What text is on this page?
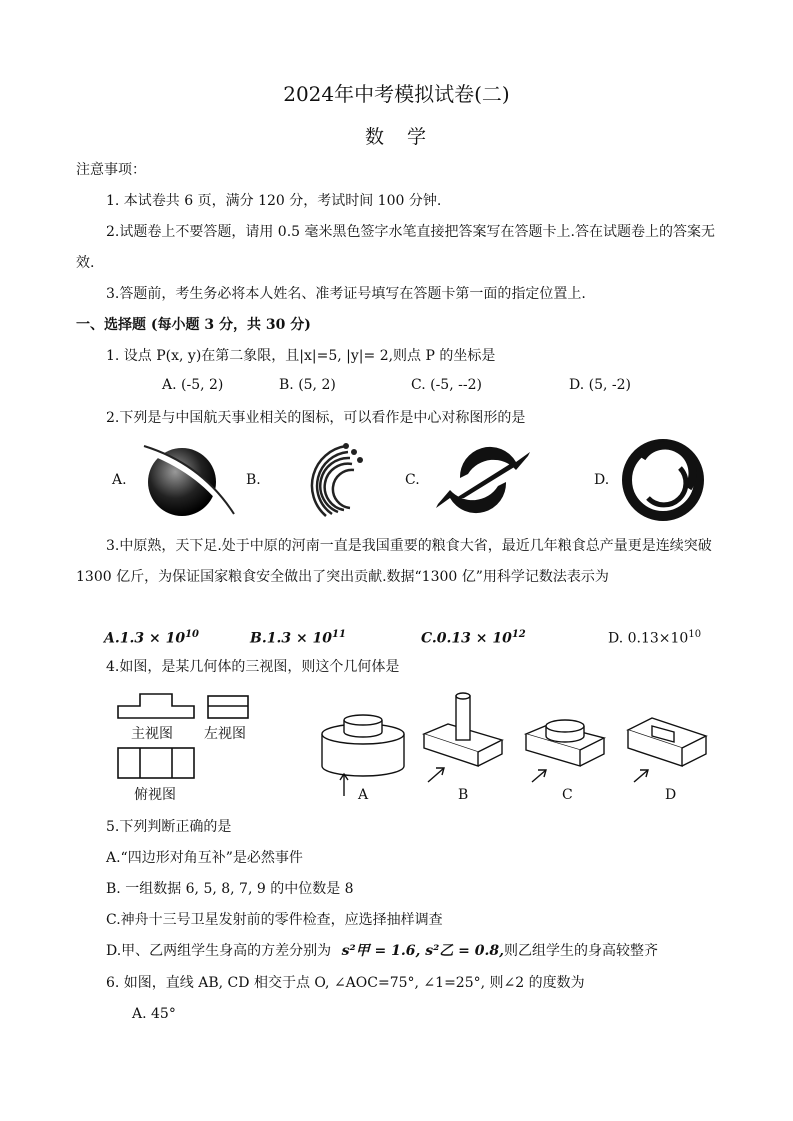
2024年中考模拟试卷(二)
数　学
注意事项：
1. 本试卷共 6 页，满分 120 分，考试时间 100 分钟.
2.试题卷上不要答题，请用 0.5 毫米黑色签字水笔直接把答案写在答题卡上.答在试题卷上的答案无效.
3.答题前，考生务必将本人姓名、准考证号填写在答题卡第一面的指定位置上.
一、选择题 (每小题 3 分，共 30 分)
1. 设点 P(x, y)在第二象限，且|x|=5, |y|= 2,则点 P 的坐标是
A. (-5, 2)	B. (5, 2)	C. (-5, --2)	D. (5, -2)
2.下列是与中国航天事业相关的图标，可以看作是中心对称图形的是
A.	B.	C.	D.
3.中原熟，天下足.处于中原的河南一直是我国重要的粮食大省，最近几年粮食总产量更是连续突破 1300 亿斤，为保证国家粮食安全做出了突出贡献.数据“1300 亿”用科学记数法表示为
$A.1.3 \times 10^{10}$	$B.1.3 \times 10^{11}$	$C.0.13 \times 10^{12}$	D. $0.13\times 10^{10}$
4.如图，是某几何体的三视图，则这个几何体是
主视图 左视图
俯视图	A	B	C	D
5.下列判断正确的是
A.“四边形对角互补”是必然事件
B. 一组数据 6, 5, 8, 7, 9 的中位数是 8
C.神舟十三号卫星发射前的零件检查，应选择抽样调查
D.甲、乙两组学生身高的方差分别为 s²甲 = 1.6, s²乙 = 0.8,则乙组学生的身高较整齐
6. 如图，直线 AB, CD 相交于点 O, ∠AOC=75°, ∠1=25°, 则∠2 的度数为
A. 45°
